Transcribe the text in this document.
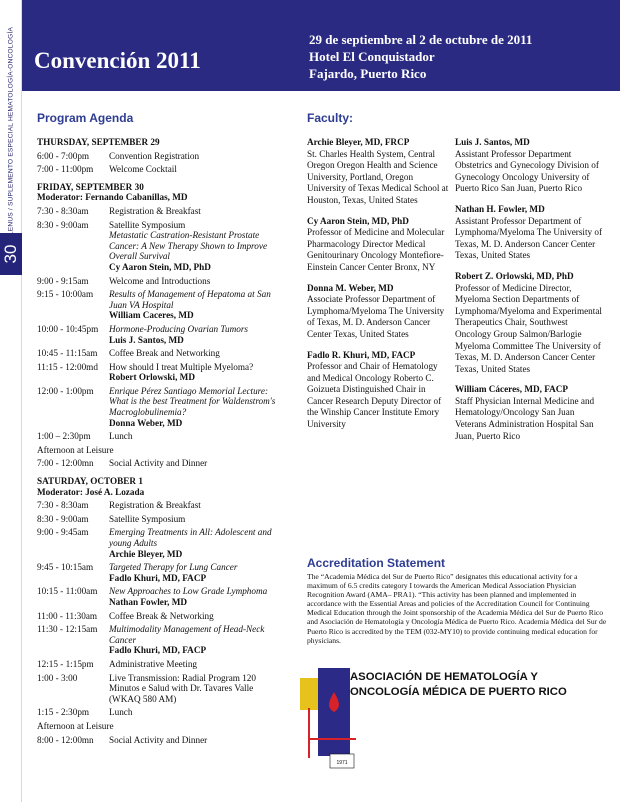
30
GALENUS / SUPLEMENTO ESPECIAL HEMATOLOGÍA-ONCOLOGÍA Convención 2011
29 de septiembre al 2 de octubre de 2011
Hotel El Conquistador
Fajardo, Puerto Rico
Program Agenda
THURSDAY, SEPTEMBER 29
6:00 - 7:00pm	Convention Registration
7:00 - 11:00pm	Welcome Cocktail
FRIDAY, SEPTEMBER 30
Moderator: Fernando Cabanillas, MD
7:30 - 8:30am	Registration & Breakfast
8:30 - 9:00am	Satellite Symposium
Metastatic Castration-Resistant Prostate Cancer: A New Therapy Shown to Improve Overall Survival
Cy Aaron Stein, MD, PhD
9:00 - 9:15am	Welcome and Introductions
9:15 - 10:00am	Results of Management of Hepatoma at San Juan VA Hospital
William Caceres, MD
10:00 - 10:45pm	Hormone-Producing Ovarian Tumors
Luis J. Santos, MD
10:45 - 11:15am	Coffee Break and Networking
11:15 - 12:00md	How should I treat Multiple Myeloma?
Robert Orlowski, MD
12:00 - 1:00pm	Enrique Pérez Santiago Memorial Lecture: What is the best Treatment for Waldenstrom's Macroglobulinemia?
Donna Weber, MD
1:00 – 2:30pm	Lunch
Afternoon at Leisure
7:00 - 12:00mn	Social Activity and Dinner
SATURDAY, OCTOBER 1
Moderator: José A. Lozada
7:30 - 8:30am	Registration & Breakfast
8:30 - 9:00am	Satellite Symposium
9:00 - 9:45am	Emerging Treatments in All: Adolescent and young Adults
Archie Bleyer, MD
9:45 - 10:15am	Targeted Therapy for Lung Cancer
Fadlo Khuri, MD, FACP
10:15 - 11:00am	New Approaches to Low Grade Lymphoma
Nathan Fowler, MD
11:00 - 11:30am	Coffee Break & Networking
11:30 - 12:15am	Multimodality Management of Head-Neck Cancer
Fadlo Khuri, MD, FACP
12:15 - 1:15pm	Administrative Meeting
1:00 - 3:00	Live Transmission: Radial Program 120 Minutos e Salud with Dr. Tavares Valle (WKAQ 580 AM)
1:15 - 2:30pm	Lunch
Afternoon at Leisure
8:00 - 12:00mn	Social Activity and Dinner
Faculty:
Archie Bleyer, MD, FRCP
St. Charles Health System, Central Oregon Oregon Health and Science University, Portland, Oregon University of Texas Medical School at Houston, Texas, United States
Cy Aaron Stein, MD, PhD
Professor of Medicine and Molecular Pharmacology Director Medical Genitourinary Oncology Montefiore-Einstein Cancer Center Bronx, NY
Donna M. Weber, MD
Associate Professor Department of Lymphoma/Myeloma The University of Texas, M. D. Anderson Cancer Center Texas, United States
Fadlo R. Khuri, MD, FACP
Professor and Chair of Hematology and Medical Oncology Roberto C. Goizueta Distinguished Chair in Cancer Research Deputy Director of the Winship Cancer Institute Emory University
Luis J. Santos, MD
Assistant Professor Department Obstetrics and Gynecology Division of Gynecology Oncology University of Puerto Rico San Juan, Puerto Rico
Nathan H. Fowler, MD
Assistant Professor Department of Lymphoma/Myeloma The University of Texas, M. D. Anderson Cancer Center Texas, United States
Robert Z. Orlowski, MD, PhD
Professor of Medicine Director, Myeloma Section Departments of Lymphoma/Myeloma and Experimental Therapeutics Chair, Southwest Oncology Group Salmon/Barlogie Myeloma Committee The University of Texas, M. D. Anderson Cancer Center Texas, United States
William Cáceres, MD, FACP
Staff Physician Internal Medicine and Hematology/Oncology San Juan Veterans Administration Hospital San Juan, Puerto Rico
Accreditation Statement
The “Academia Médica del Sur de Puerto Rico” designates this educational activity for a maximum of 6.5 credits category I towards the American Medical Association Physician Recognition Award (AMA– PRA1). “This activity has been planned and implemented in accordance with the Essential Areas and policies of the Accreditation Council for Continuing Medical Education through the Joint sponsorship of the Academia Médica del Sur de Puerto Rico and Asociación de Hematología y Oncología Médica de Puerto Rico. Academia Médica del Sur de Puerto Rico is accredited by the TEM (032-MY10) to provide continuing medical education for physicians.
1971
ASOCIACIÓN DE HEMATOLOGÍA Y
ONCOLOGÍA MÉDICA DE PUERTO RICO
